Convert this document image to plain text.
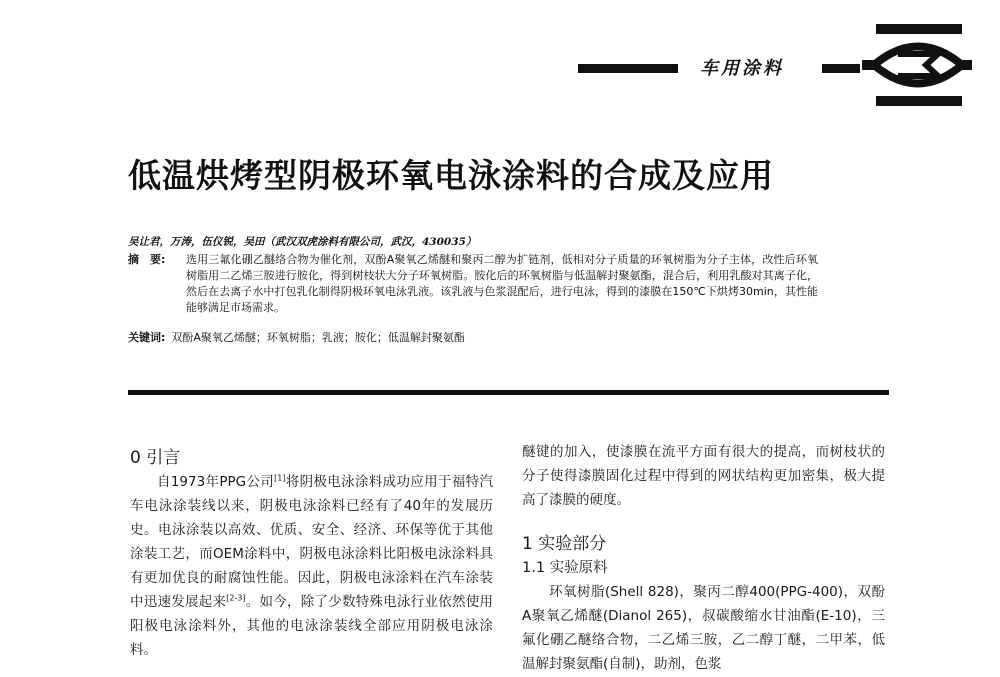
车用涂料
低温烘烤型阴极环氧电泳涂料的合成及应用
吴让君，万涛，伍仪锐，吴田（武汉双虎涂料有限公司，武汉，430035）
摘　要: 选用三氟化硼乙醚络合物为催化剂，双酚A聚氧乙烯醚和聚丙二醇为扩链剂，低相对分子质量的环氧树脂为分子主体，改性后环氧树脂用二乙烯三胺进行胺化，得到树枝状大分子环氧树脂。胺化后的环氧树脂与低温解封聚氨酯，混合后，利用乳酸对其离子化，然后在去离子水中打包乳化制得阴极环氧电泳乳液。该乳液与色浆混配后，进行电泳，得到的漆膜在150℃下烘烤30min，其性能能够满足市场需求。
关键词: 双酚A聚氧乙烯醚；环氧树脂；乳液；胺化；低温解封聚氨酯
0 引言

自1973年PPG公司[1]将阴极电泳涂料成功应用于福特汽车电泳涂装线以来，阴极电泳涂料已经有了40年的发展历史。电泳涂装以高效、优质、安全、经济、环保等优于其他涂装工艺，而OEM涂料中，阴极电泳涂料比阳极电泳涂料具有更加优良的耐腐蚀性能。因此，阴极电泳涂料在汽车涂装中迅速发展起来[2-3]。如今，除了少数特殊电泳行业依然使用阳极电泳涂料外，其他的电泳涂装线全部应用阴极电泳涂料。

醚键的加入，使漆膜在流平方面有很大的提高，而树枝状的分子使得漆膜固化过程中得到的网状结构更加密集，极大提高了漆膜的硬度。

1 实验部分
1.1 实验原料

环氧树脂(Shell 828)，聚丙二醇400(PPG-400)，双酚A聚氧乙烯醚(Dianol 265)，叔碳酸缩水甘油酯(E-10)，三氟化硼乙醚络合物，二乙烯三胺，乙二醇丁醚，二甲苯，低温解封聚氨酯(自制)，助剂，色浆
